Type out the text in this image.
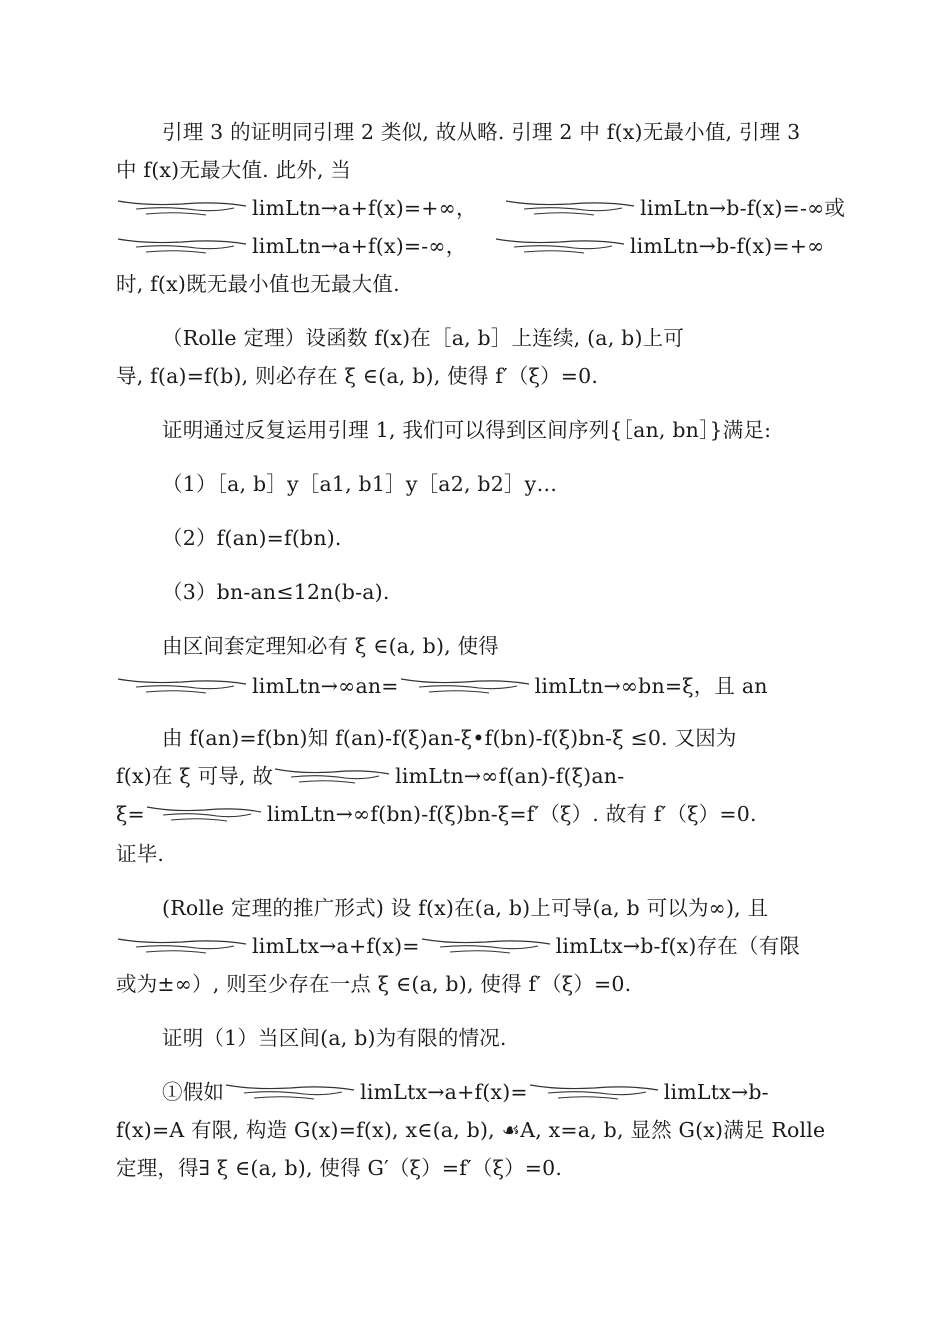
引理 3 的证明同引理 2 类似, 故从略. 引理 2 中 f(x)无最小值, 引理 3
中 f(x)无最大值. 此外, 当
limLtn→a+f(x)=+∞，	limLtn→b-f(x)=-∞或
limLtn→a+f(x)=-∞，	limLtn→b-f(x)=+∞
时, f(x)既无最小值也无最大值.
（Rolle 定理）设函数 f(x)在［a, b］上连续, (a, b)上可
导, f(a)=f(b), 则必存在 ξ ∈(a, b), 使得 f′（ξ）=0.
证明通过反复运用引理 1, 我们可以得到区间序列{［an, bn］}满足:
（1）［a, b］y［a1, b1］y［a2, b2］y…
（2）f(an)=f(bn).
（3）bn-an≤12n(b-a).
由区间套定理知必有 ξ ∈(a, b), 使得
limLtn→∞an=	limLtn→∞bn=ξ，且 an
由 f(an)=f(bn)知 f(an)-f(ξ)an-ξ•f(bn)-f(ξ)bn-ξ ≤0. 又因为
f(x)在 ξ 可导, 故	limLtn→∞f(an)-f(ξ)an-
ξ=	limLtn→∞f(bn)-f(ξ)bn-ξ=f′（ξ）. 故有 f′（ξ）=0.
证毕.
(Rolle 定理的推广形式) 设 f(x)在(a, b)上可导(a, b 可以为∞), 且
limLtx→a+f(x)=	limLtx→b-f(x)存在（有限
或为±∞）, 则至少存在一点 ξ ∈(a, b), 使得 f′（ξ）=0.
证明（1）当区间(a, b)为有限的情况.
①假如	limLtx→a+f(x)=	limLtx→b-
f(x)=A 有限, 构造 G(x)=f(x), x∈(a, b), ☙A, x=a, b, 显然 G(x)满足 Rolle
定理，得∃ ξ ∈(a, b), 使得 G′（ξ）=f′（ξ）=0.
